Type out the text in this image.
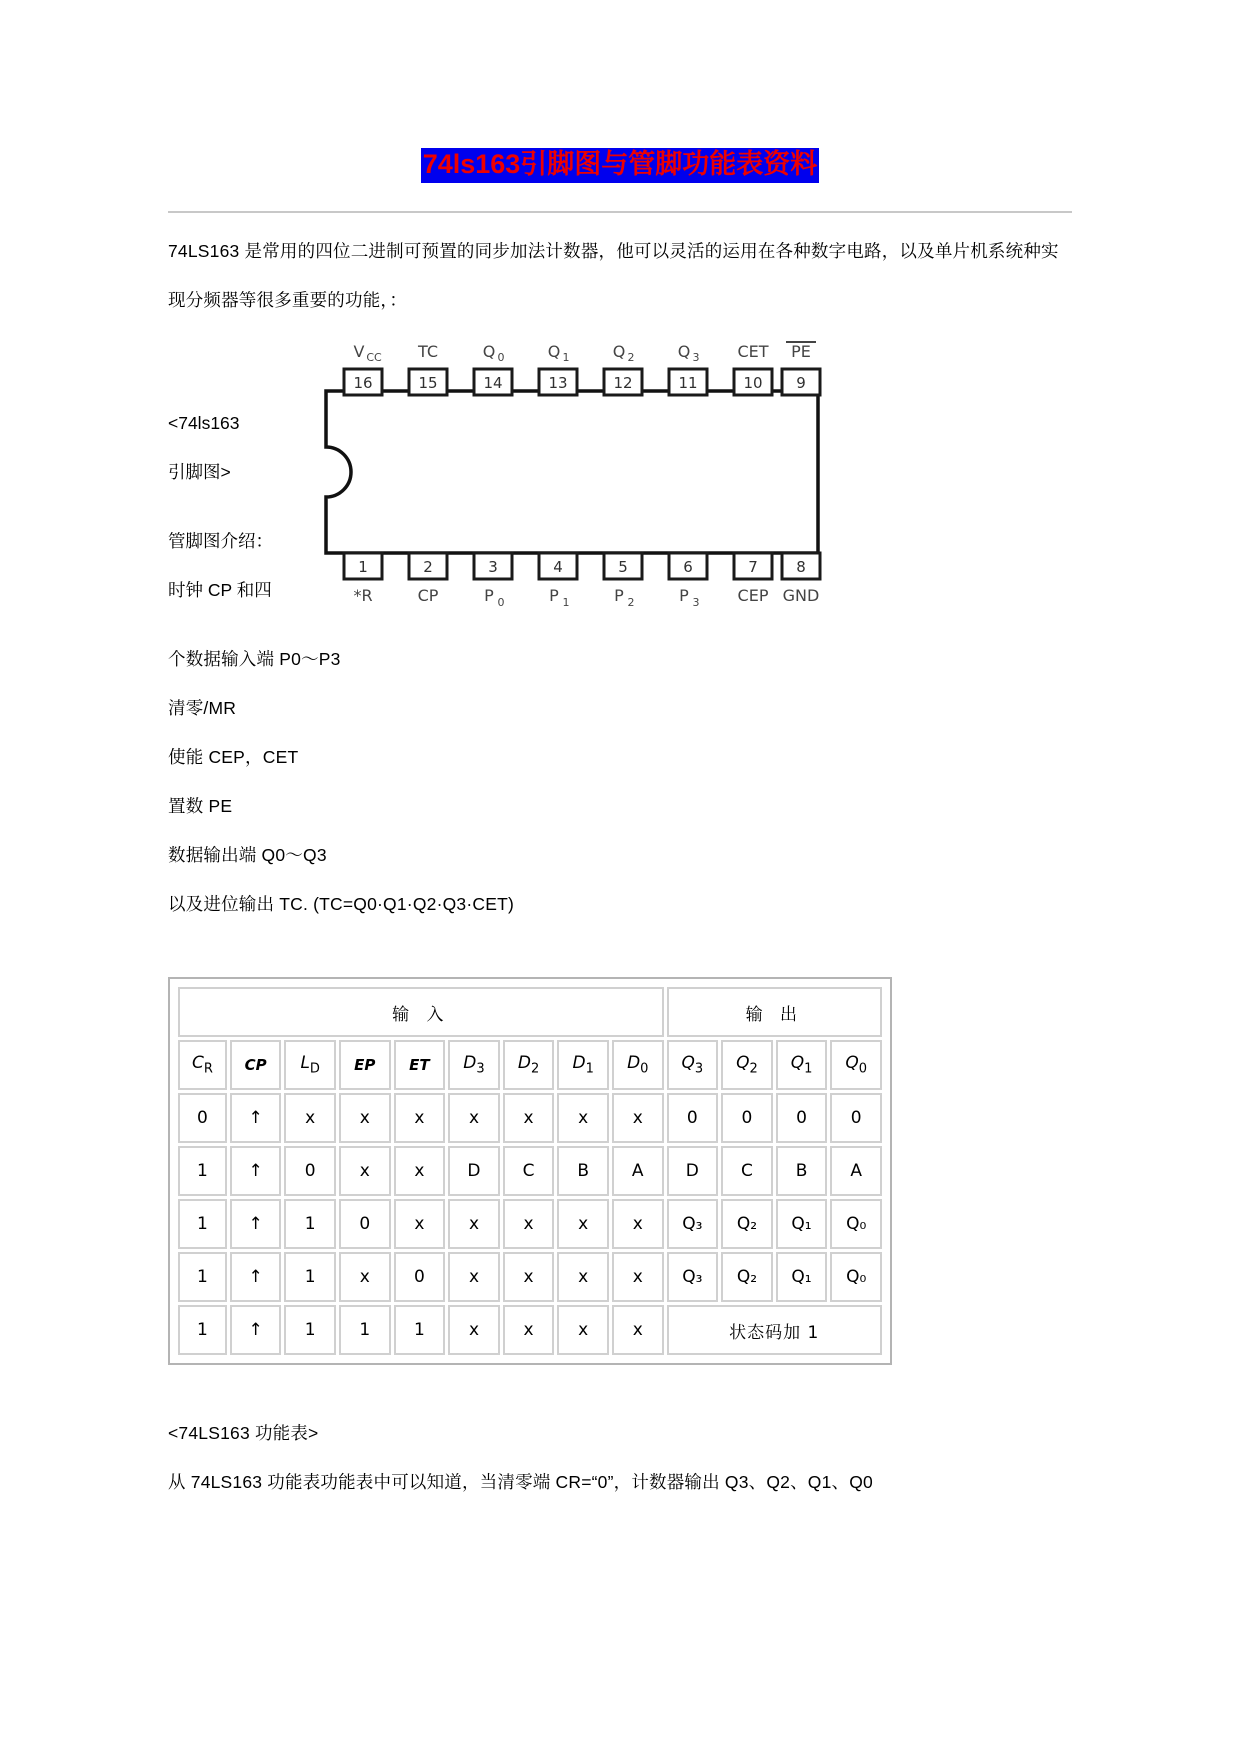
74ls163引脚图与管脚功能表资料
74LS163 是常用的四位二进制可预置的同步加法计数器，他可以灵活的运用在各种数字电路，以及单片机系统种实现分频器等很多重要的功能，：
<74ls163
引脚图>
管脚图介绍：
时钟 CP 和四
16
V CC
15
TC
14
Q 0
13
Q 1
12
Q 2
11
Q 3
10
CET
9
PE
1
*R
2
CP
3
P 0
4
P 1
5
P 2
6
P 3
7
CEP
8
GND
个数据输入端 P0～P3
清零/MR
使能 CEP，CET
置数 PE
数据输出端 Q0～Q3
以及进位输出 TC. (TC=Q0·Q1·Q2·Q3·CET)
输 入									输 出			
$C_R$	CP	$L_D$	EP	ET	$D_3$	$D_2$	$D_1$	$D_0$	$Q_3$	$Q_2$	$Q_1$	$Q_0$
0	↑	x	x	x	x	x	x	x	0	0	0	0
1	↑	0	x	x	D	C	B	A	D	C	B	A
1	↑	1	0	x	x	x	x	x	Q₃	Q₂	Q₁	Q₀
1	↑	1	x	0	x	x	x	x	Q₃	Q₂	Q₁	Q₀
1	↑	1	1	1	x	x	x	x	状态码加 1			
<74LS163 功能表>
从 74LS163 功能表功能表中可以知道，当清零端 CR=“0”，计数器输出 Q3、Q2、Q1、Q0
